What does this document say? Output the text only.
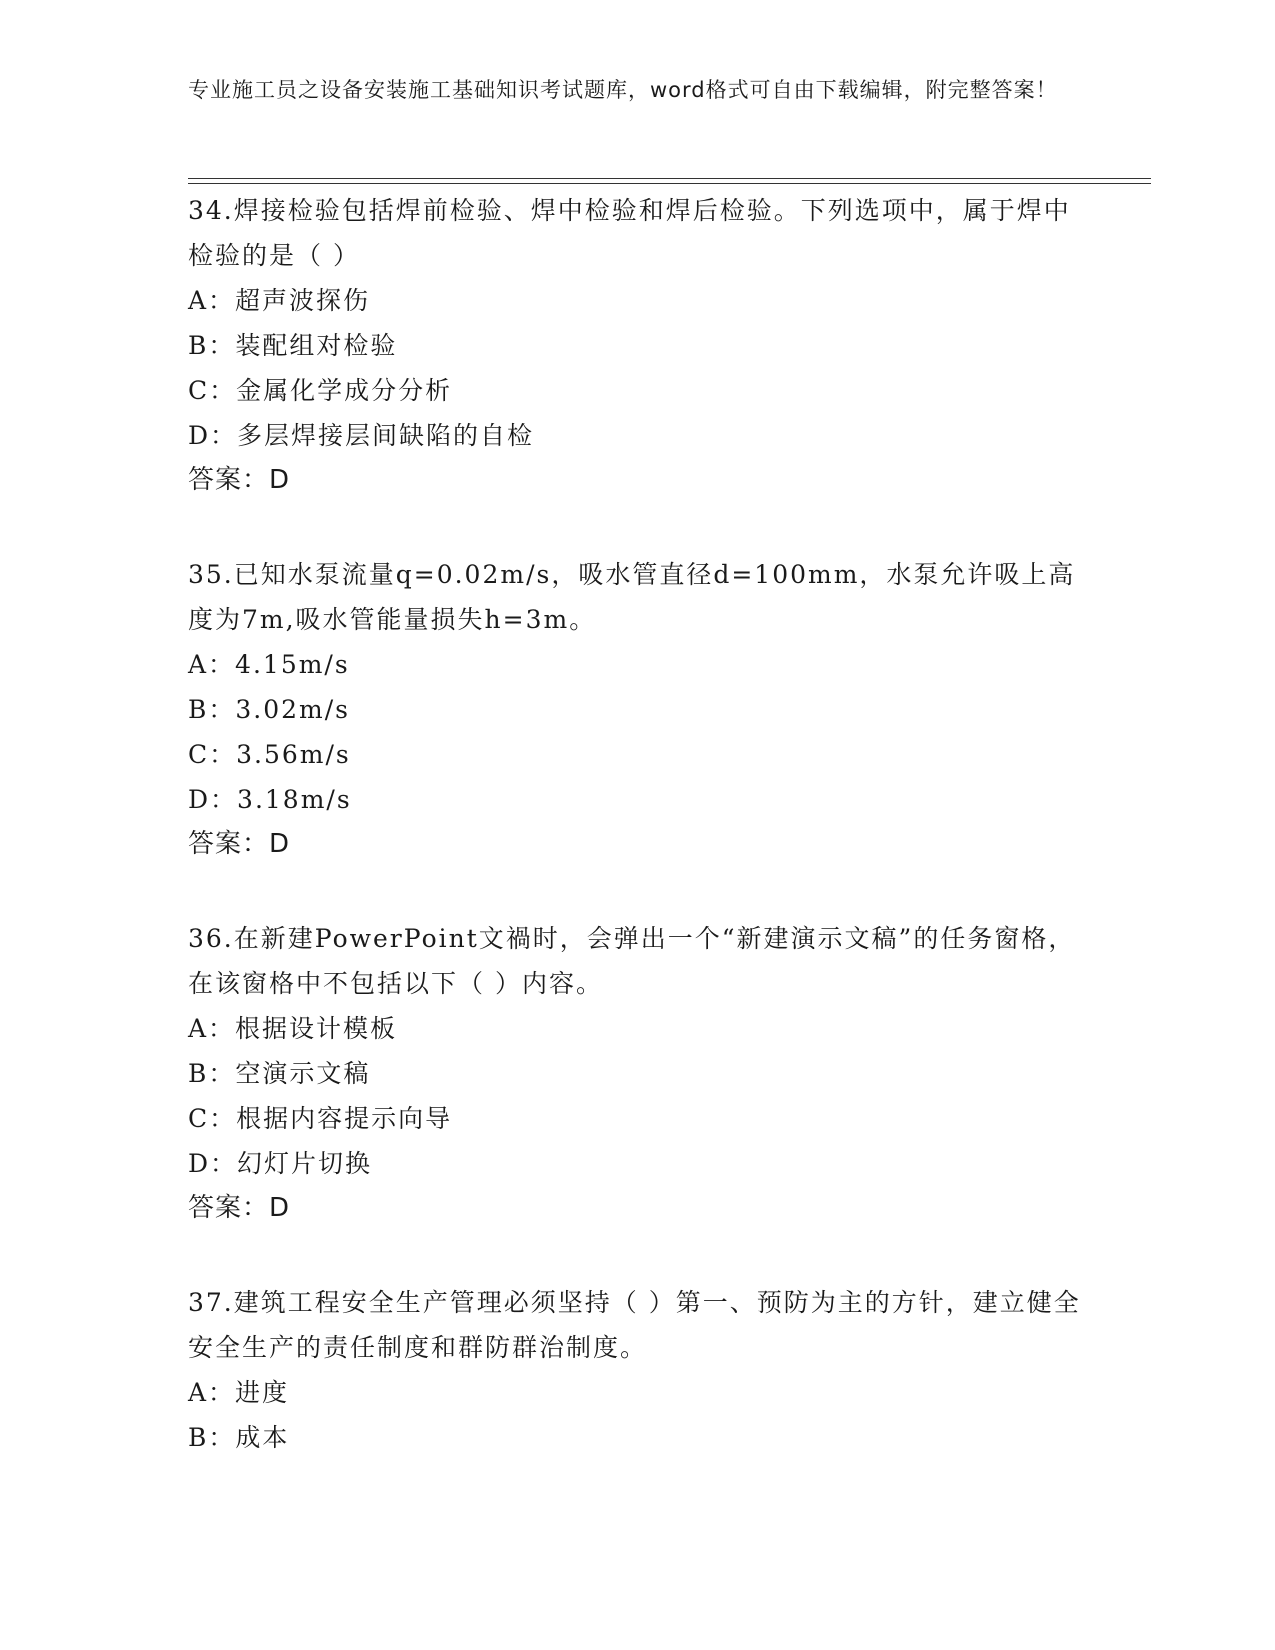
专业施工员之设备安装施工基础知识考试题库，word格式可自由下载编辑，附完整答案！

34.焊接检验包括焊前检验、焊中检验和焊后检验。下列选项中，属于焊中检验的是（ ）

A：超声波探伤

B：装配组对检验

C：金属化学成分分析

D：多层焊接层间缺陷的自检

答案：D

35.已知水泵流量q=0.02m/s，吸水管直径d=100mm，水泵允许吸上高度为7m,吸水管能量损失h=3m。

A：4.15m/s

B：3.02m/s

C：3.56m/s

D：3.18m/s

答案：D

36.在新建PowerPoint文禍时，会弹出一个“新建演示文稿”的任务窗格，在该窗格中不包括以下（ ）内容。

A：根据设计模板

B：空演示文稿

C：根据内容提示向导

D：幻灯片切换

答案：D

37.建筑工程安全生产管理必须坚持（ ）第一、预防为主的方针，建立健全安全生产的责任制度和群防群治制度。

A：进度

B：成本
